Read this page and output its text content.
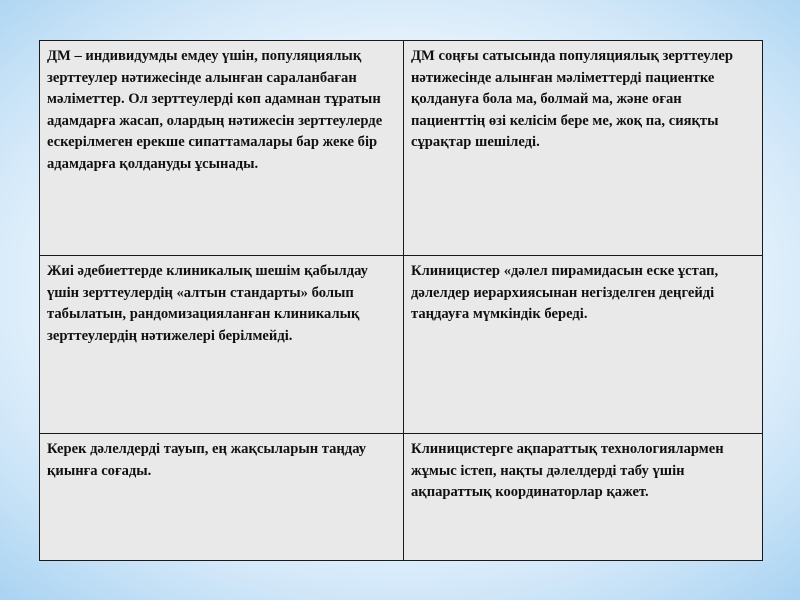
ДМ – индивидумды емдеу үшін, популяциялық зерттеулер нәтижесінде алынған сараланбаған мәліметтер. Ол зерттеулерді көп адамнан тұратын адамдарға жасап, олардың нәтижесін зерттеулерде ескерілмеген ерекше сипаттамалары бар жеке бір адамдарға қолдануды ұсынады.	ДМ соңғы сатысында популяциялық зерттеулер нәтижесінде алынған мәліметтерді пациентке қолдануға бола ма, болмай ма, және оған пациенттің өзі келісім бере ме, жоқ па, сияқты сұрақтар шешіледі.
Жиі әдебиеттерде клиникалық шешім қабылдау үшін зерттеулердің «алтын стандарты» болып табылатын, рандомизацияланған клиникалық зерттеулердің нәтижелері берілмейді.	Клиницистер «дәлел пирамидасын еске ұстап, дәлелдер иерархиясынан негізделген деңгейді таңдауға мүмкіндік береді.
Керек дәлелдерді тауып, ең жақсыларын таңдау қиынға соғады.	Клиницистерге ақпараттық технологиялармен жұмыс істеп, нақты дәлелдерді табу үшін ақпараттық координаторлар қажет.
